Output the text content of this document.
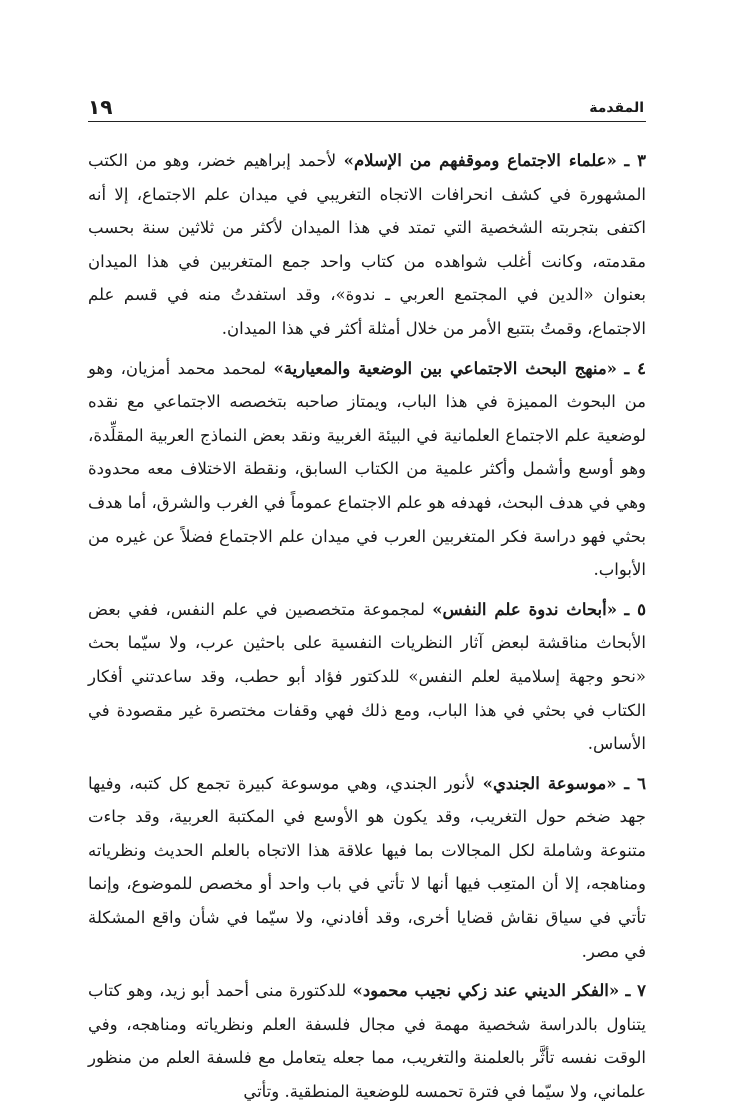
المقدمة
١٩

٣ ـ «علماء الاجتماع وموقفهم من الإسلام» لأحمد إبراهيم خضر، وهو من الكتب المشهورة في كشف انحرافات الاتجاه التغريبي في ميدان علم الاجتماع، إلا أنه اكتفى بتجربته الشخصية التي تمتد في هذا الميدان لأكثر من ثلاثين سنة بحسب مقدمته، وكانت أغلب شواهده من كتاب واحد جمع المتغربين في هذا الميدان بعنوان «الدين في المجتمع العربي ـ ندوة»، وقد استفدتُ منه في قسم علم الاجتماع، وقمتُ بتتبع الأمر من خلال أمثلة أكثر في هذا الميدان.

٤ ـ «منهج البحث الاجتماعي بين الوضعية والمعيارية» لمحمد محمد أمزيان، وهو من البحوث المميزة في هذا الباب، ويمتاز صاحبه بتخصصه الاجتماعي مع نقده لوضعية علم الاجتماع العلمانية في البيئة الغربية ونقد بعض النماذج العربية المقلِّدة، وهو أوسع وأشمل وأكثر علمية من الكتاب السابق، ونقطة الاختلاف معه محدودة وهي في هدف البحث، فهدفه هو علم الاجتماع عموماً في الغرب والشرق، أما هدف بحثي فهو دراسة فكر المتغربين العرب في ميدان علم الاجتماع فضلاً عن غيره من الأبواب.

٥ ـ «أبحاث ندوة علم النفس» لمجموعة متخصصين في علم النفس، ففي بعض الأبحاث مناقشة لبعض آثار النظريات النفسية على باحثين عرب، ولا سيّما بحث «نحو وجهة إسلامية لعلم النفس» للدكتور فؤاد أبو حطب، وقد ساعدتني أفكار الكتاب في بحثي في هذا الباب، ومع ذلك فهي وقفات مختصرة غير مقصودة في الأساس.

٦ ـ «موسوعة الجندي» لأنور الجندي، وهي موسوعة كبيرة تجمع كل كتبه، وفيها جهد ضخم حول التغريب، وقد يكون هو الأوسع في المكتبة العربية، وقد جاءت متنوعة وشاملة لكل المجالات بما فيها علاقة هذا الاتجاه بالعلم الحديث ونظرياته ومناهجه، إلا أن المتعِب فيها أنها لا تأتي في باب واحد أو مخصص للموضوع، وإنما تأتي في سياق نقاش قضايا أخرى، وقد أفادني، ولا سيّما في شأن واقع المشكلة في مصر.

٧ ـ «الفكر الديني عند زكي نجيب محمود» للدكتورة منى أحمد أبو زيد، وهو كتاب يتناول بالدراسة شخصية مهمة في مجال فلسفة العلم ونظرياته ومناهجه، وفي الوقت نفسه تأثَّر بالعلمنة والتغريب، مما جعله يتعامل مع فلسفة العلم من منظور علماني، ولا سيّما في فترة تحمسه للوضعية المنطقية. وتأتي
